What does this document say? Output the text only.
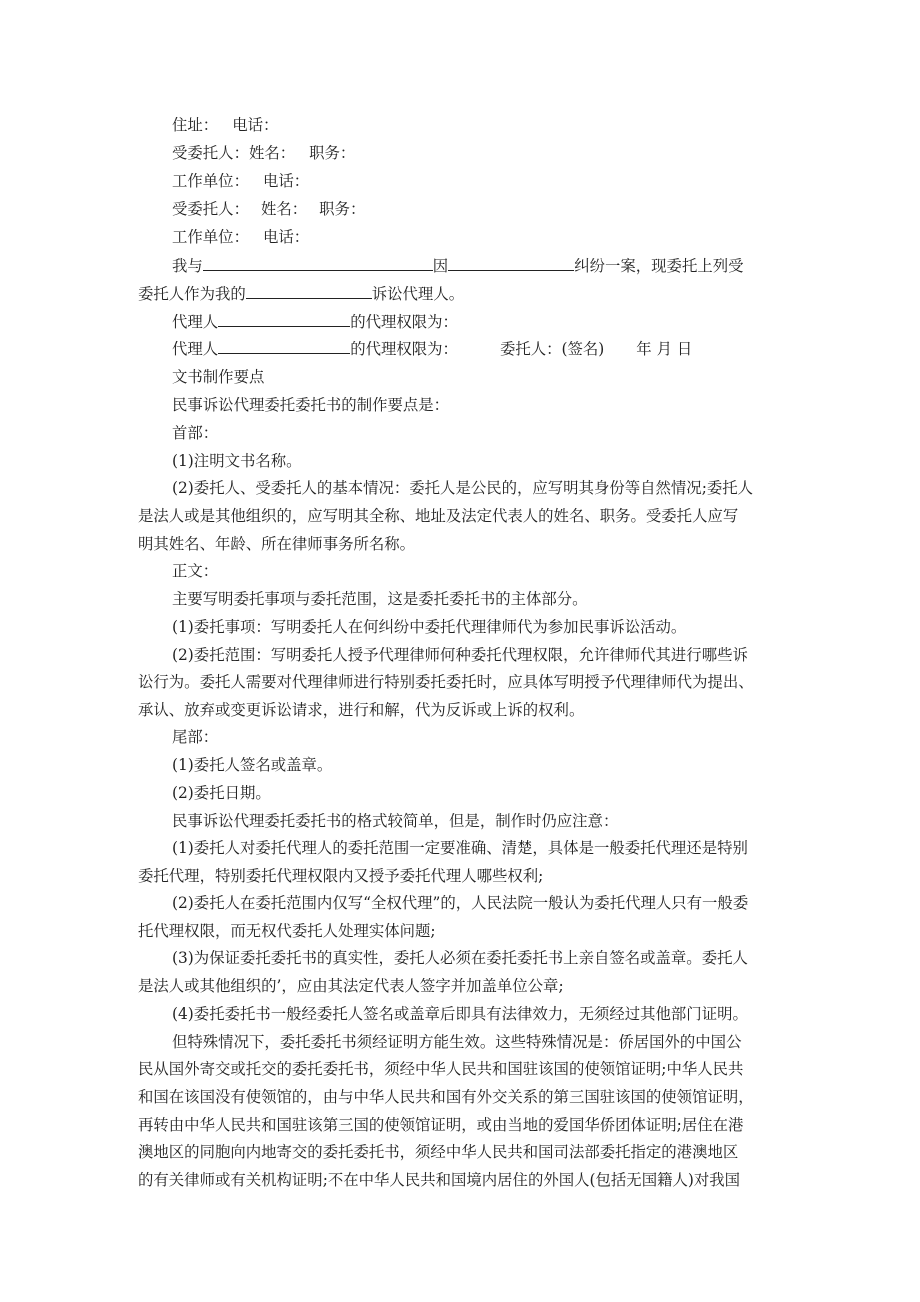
住址： 电话：
受委托人：姓名： 职务：
工作单位： 电话：
受委托人： 姓名： 职务：
工作单位： 电话：
我与	因	纠纷一案，现委托上列受
委托人作为我的	诉讼代理人。
代理人	的代理权限为：
代理人	的代理权限为：	委托人：(签名) 年 月 日
文书制作要点
民事诉讼代理委托委托书的制作要点是：
首部：
(1)注明文书名称。
(2)委托人、受委托人的基本情况：委托人是公民的，应写明其身份等自然情况;委托人
是法人或是其他组织的，应写明其全称、地址及法定代表人的姓名、职务。受委托人应写
明其姓名、年龄、所在律师事务所名称。
正文：
主要写明委托事项与委托范围，这是委托委托书的主体部分。
(1)委托事项：写明委托人在何纠纷中委托代理律师代为参加民事诉讼活动。
(2)委托范围：写明委托人授予代理律师何种委托代理权限，允许律师代其进行哪些诉
讼行为。委托人需要对代理律师进行特别委托委托时，应具体写明授予代理律师代为提出、
承认、放弃或变更诉讼请求，进行和解，代为反诉或上诉的权利。
尾部：
(1)委托人签名或盖章。
(2)委托日期。
民事诉讼代理委托委托书的格式较简单，但是，制作时仍应注意：
(1)委托人对委托代理人的委托范围一定要准确、清楚，具体是一般委托代理还是特别
委托代理，特别委托代理权限内又授予委托代理人哪些权利;
(2)委托人在委托范围内仅写“全权代理”的，人民法院一般认为委托代理人只有一般委
托代理权限，而无权代委托人处理实体问题;
(3)为保证委托委托书的真实性，委托人必须在委托委托书上亲自签名或盖章。委托人
是法人或其他组织的’，应由其法定代表人签字并加盖单位公章;
(4)委托委托书一般经委托人签名或盖章后即具有法律效力，无须经过其他部门证明。
但特殊情况下，委托委托书须经证明方能生效。这些特殊情况是：侨居国外的中国公
民从国外寄交或托交的委托委托书，须经中华人民共和国驻该国的使领馆证明;中华人民共
和国在该国没有使领馆的，由与中华人民共和国有外交关系的第三国驻该国的使领馆证明，
再转由中华人民共和国驻该第三国的使领馆证明，或由当地的爱国华侨团体证明;居住在港
澳地区的同胞向内地寄交的委托委托书，须经中华人民共和国司法部委托指定的港澳地区
的有关律师或有关机构证明;不在中华人民共和国境内居住的外国人(包括无国籍人)对我国
